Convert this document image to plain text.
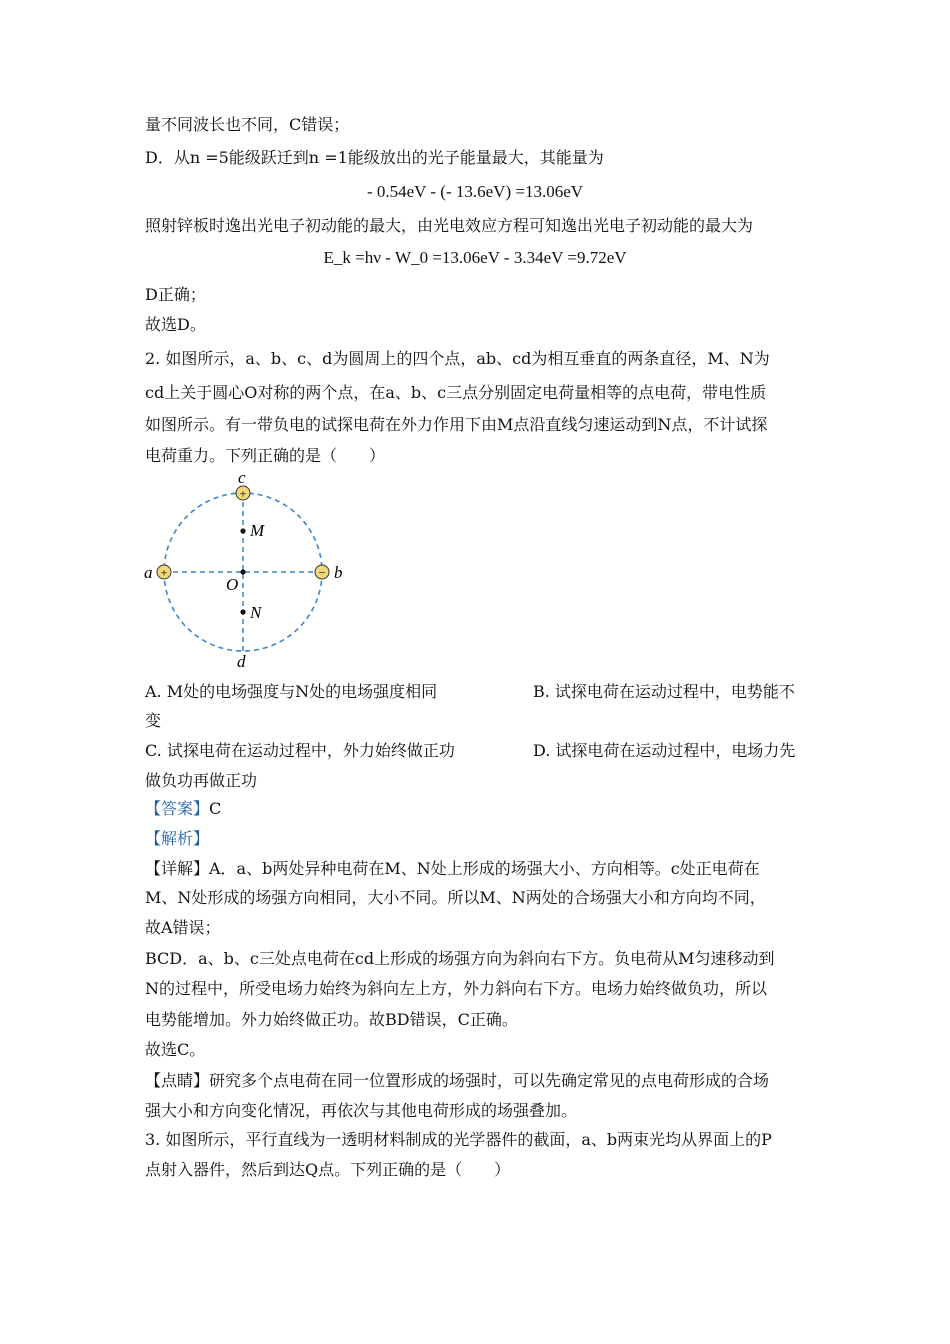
量不同波长也不同，C错误；
D．从n =5能级跃迁到n =1能级放出的光子能量最大，其能量为
- 0.54eV - (- 13.6eV) =13.06eV
照射锌板时逸出光电子初动能的最大，由光电效应方程可知逸出光电子初动能的最大为
E_k =hν - W_0 =13.06eV - 3.34eV =9.72eV
D正确；
故选D。
2. 如图所示，a、b、c、d为圆周上的四个点，ab、cd为相互垂直的两条直径，M、N为
cd上关于圆心O对称的两个点，在a、b、c三点分别固定电荷量相等的点电荷，带电性质
如图所示。有一带负电的试探电荷在外力作用下由M点沿直线匀速运动到N点，不计试探
电荷重力。下列正确的是（　　）
+
+	−
c
a	b
d
M
O
N
A. M处的电场强度与N处的电场强度相同	B. 试探电荷在运动过程中，电势能不
变
C. 试探电荷在运动过程中，外力始终做正功	D. 试探电荷在运动过程中，电场力先
做负功再做正功
【答案】C
【解析】
【详解】A．a、b两处异种电荷在M、N处上形成的场强大小、方向相等。c处正电荷在
M、N处形成的场强方向相同，大小不同。所以M、N两处的合场强大小和方向均不同，
故A错误；
BCD．a、b、c三处点电荷在cd上形成的场强方向为斜向右下方。负电荷从M匀速移动到
N的过程中，所受电场力始终为斜向左上方，外力斜向右下方。电场力始终做负功，所以
电势能增加。外力始终做正功。故BD错误，C正确。
故选C。
【点睛】研究多个点电荷在同一位置形成的场强时，可以先确定常见的点电荷形成的合场
强大小和方向变化情况，再依次与其他电荷形成的场强叠加。
3. 如图所示，平行直线为一透明材料制成的光学器件的截面，a、b两束光均从界面上的P
点射入器件，然后到达Q点。下列正确的是（　　）
